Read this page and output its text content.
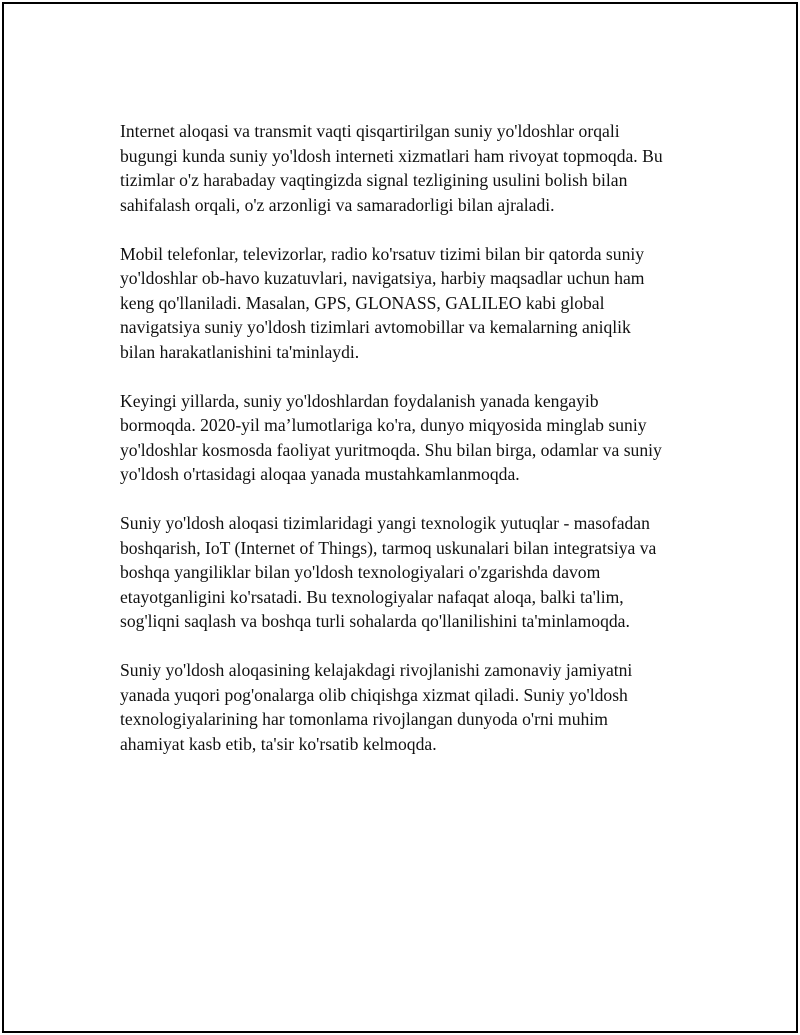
Internet aloqasi va transmit vaqti qisqartirilgan suniy yo'ldoshlar orqali
bugungi kunda suniy yo'ldosh interneti xizmatlari ham rivoyat topmoqda. Bu
tizimlar o'z harabaday vaqtingizda signal tezligining usulini bolish bilan
sahifalash orqali, o'z arzonligi va samaradorligi bilan ajraladi.

Mobil telefonlar, televizorlar, radio ko'rsatuv tizimi bilan bir qatorda suniy
yo'ldoshlar ob-havo kuzatuvlari, navigatsiya, harbiy maqsadlar uchun ham
keng qo'llaniladi. Masalan, GPS, GLONASS, GALILEO kabi global
navigatsiya suniy yo'ldosh tizimlari avtomobillar va kemalarning aniqlik
bilan harakatlanishini ta'minlaydi.

Keyingi yillarda, suniy yo'ldoshlardan foydalanish yanada kengayib
bormoqda. 2020-yil ma’lumotlariga ko'ra, dunyo miqyosida minglab suniy
yo'ldoshlar kosmosda faoliyat yuritmoqda. Shu bilan birga, odamlar va suniy
yo'ldosh o'rtasidagi aloqaa yanada mustahkamlanmoqda.

Suniy yo'ldosh aloqasi tizimlaridagi yangi texnologik yutuqlar - masofadan
boshqarish, IoT (Internet of Things), tarmoq uskunalari bilan integratsiya va
boshqa yangiliklar bilan yo'ldosh texnologiyalari o'zgarishda davom
etayotganligini ko'rsatadi. Bu texnologiyalar nafaqat aloqa, balki ta'lim,
sog'liqni saqlash va boshqa turli sohalarda qo'llanilishini ta'minlamoqda.

Suniy yo'ldosh aloqasining kelajakdagi rivojlanishi zamonaviy jamiyatni
yanada yuqori pog'onalarga olib chiqishga xizmat qiladi. Suniy yo'ldosh
texnologiyalarining har tomonlama rivojlangan dunyoda o'rni muhim
ahamiyat kasb etib, ta'sir ko'rsatib kelmoqda.
